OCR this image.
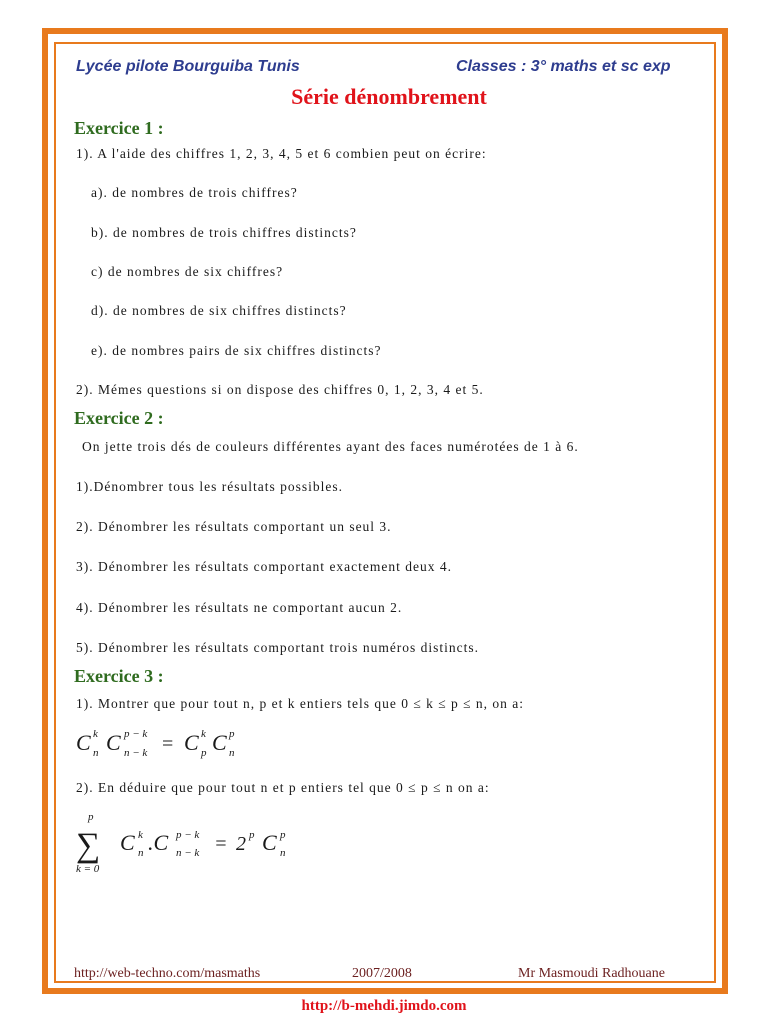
Lycée pilote Bourguiba Tunis	Classes : 3° maths et sc exp
Série dénombrement
Exercice 1 :
1). A l'aide des chiffres 1, 2, 3, 4, 5 et 6 combien peut on écrire:
a). de nombres de trois chiffres?
b). de nombres de trois chiffres distincts?
c) de nombres de six chiffres?
d). de nombres de six chiffres distincts?
e). de nombres pairs de six chiffres distincts?
2). Mémes questions si on dispose des chiffres 0, 1, 2, 3, 4 et 5.
Exercice 2 :
On jette trois dés de couleurs différentes ayant des faces numérotées de 1 à 6.
1).Dénombrer tous les résultats possibles.
2). Dénombrer les résultats comportant un seul 3.
3). Dénombrer les résultats comportant exactement deux 4.
4). Dénombrer les résultats ne comportant aucun 2.
5). Dénombrer les résultats comportant trois numéros distincts.
Exercice 3 :
1). Montrer que pour tout n, p et k entiers tels que 0 ≤ k ≤ p ≤ n, on a:
C k
n C p − k
n − k = C k
p C p
n
2). En déduire que pour tout n et p entiers tel que 0 ≤ p ≤ n on a:
p
∑
k = 0
C k
n .C p − k
n − k = 2 p C p
n
http://web-techno.com/masmaths	2007/2008	Mr Masmoudi Radhouane
http://b-mehdi.jimdo.com
